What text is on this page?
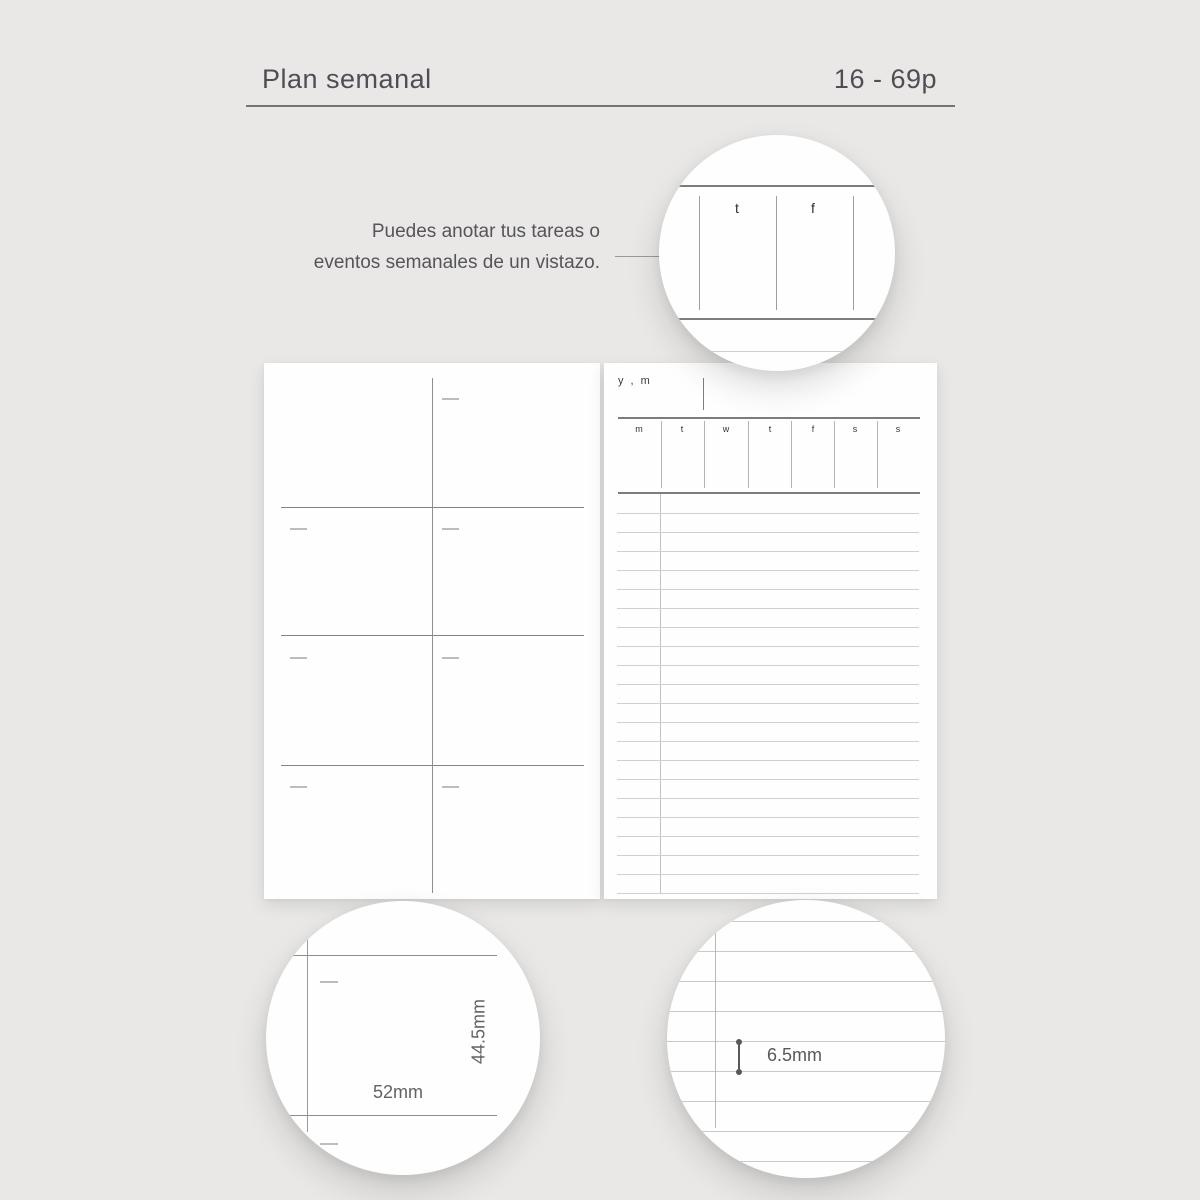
Plan semanal	16 - 69p
Puedes anotar tus tareas o
eventos semanales de un vistazo.
y , m
m	t	w	t	f	s	s
t	f
44.5mm
52mm
6.5mm
